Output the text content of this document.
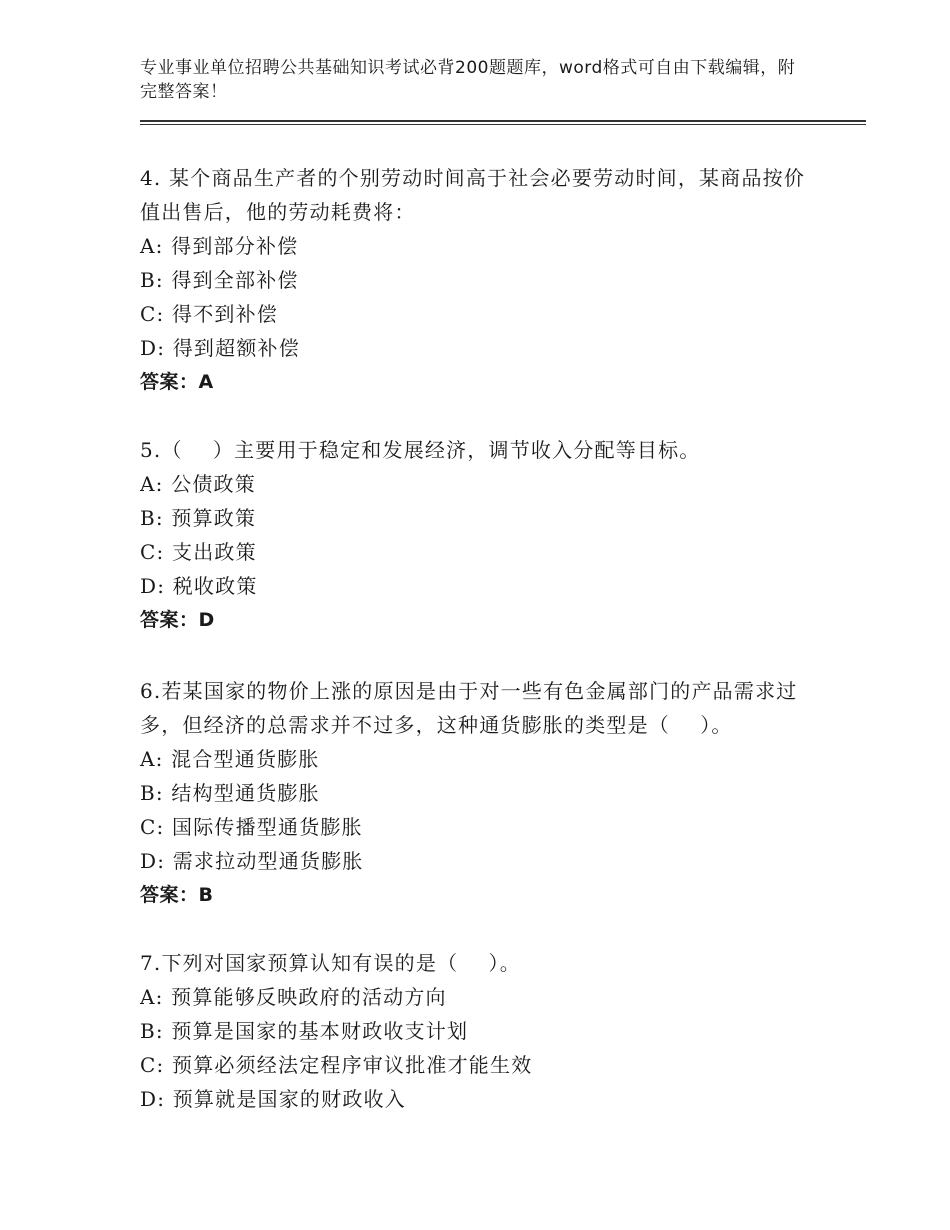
专业事业单位招聘公共基础知识考试必背200题题库，word格式可自由下载编辑，附完整答案！
4. 某个商品生产者的个别劳动时间高于社会必要劳动时间，某商品按价值出售后，他的劳动耗费将：
A: 得到部分补偿
B: 得到全部补偿
C: 得不到补偿
D: 得到超额补偿
答案：A
5.（    ）主要用于稳定和发展经济，调节收入分配等目标。
A: 公债政策
B: 预算政策
C: 支出政策
D: 税收政策
答案：D
6.若某国家的物价上涨的原因是由于对一些有色金属部门的产品需求过多，但经济的总需求并不过多，这种通货膨胀的类型是（    ）。
A: 混合型通货膨胀
B: 结构型通货膨胀
C: 国际传播型通货膨胀
D: 需求拉动型通货膨胀
答案：B
7.下列对国家预算认知有误的是（    ）。
A: 预算能够反映政府的活动方向
B: 预算是国家的基本财政收支计划
C: 预算必须经法定程序审议批准才能生效
D: 预算就是国家的财政收入
